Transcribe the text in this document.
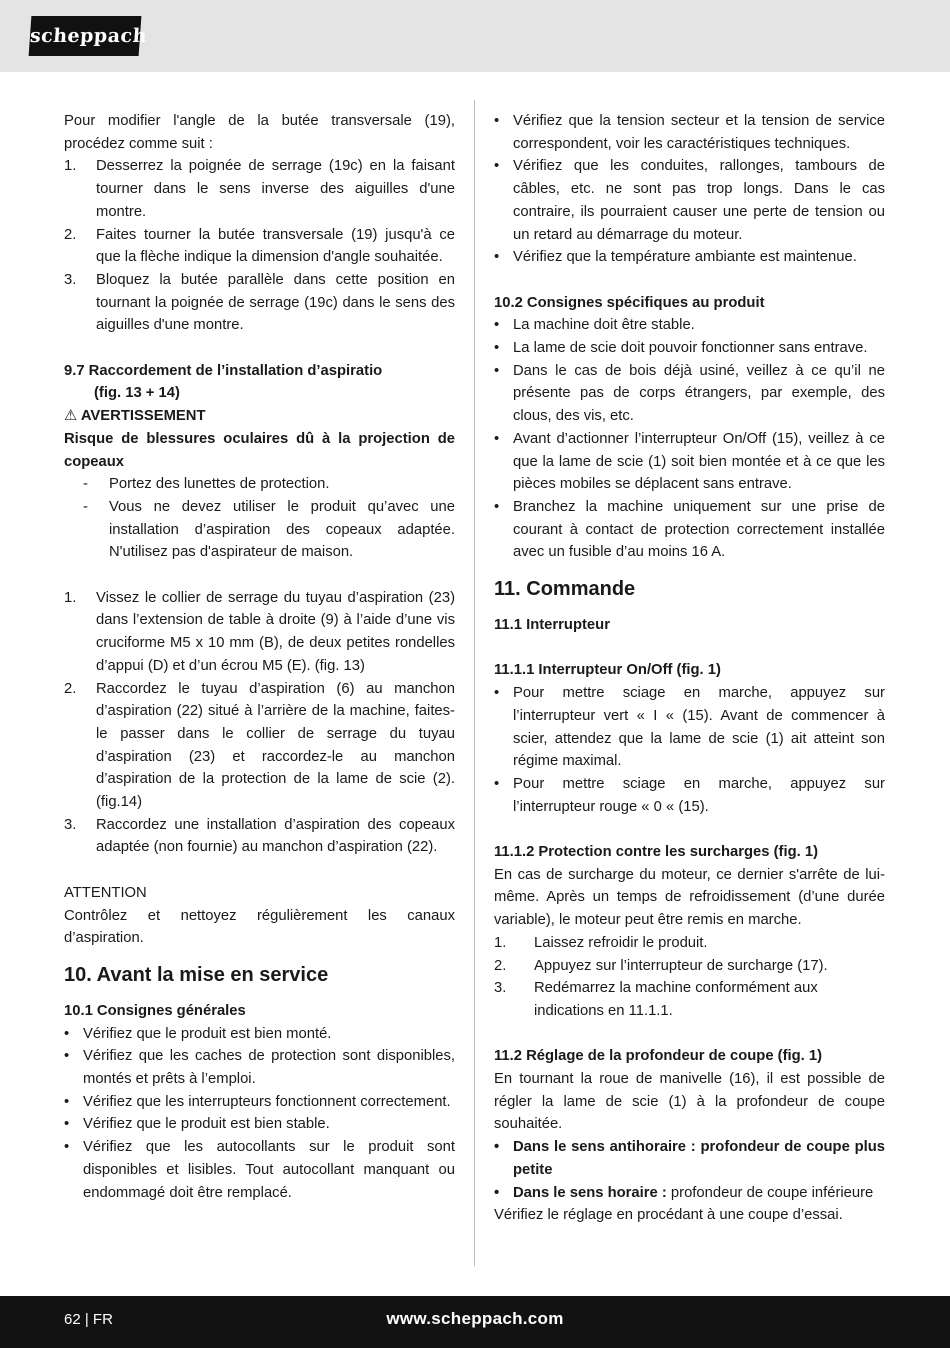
scheppach

Pour modifier l'angle de la butée transversale (19), procédez comme suit :

1. Desserrez la poignée de serrage (19c) en la faisant tourner dans le sens inverse des aiguilles d'une montre.
2. Faites tourner la butée transversale (19) jusqu'à ce que la flèche indique la dimension d'angle souhaitée.
3. Bloquez la butée parallèle dans cette position en tournant la poignée de serrage (19c) dans le sens des aiguilles d'une montre.

9.7 Raccordement de l’installation d’aspiratio

(fig. 13 + 14)

⚠ AVERTISSEMENT

Risque de blessures oculaires dû à la projection de copeaux

- Portez des lunettes de protection.
- Vous ne devez utiliser le produit qu’avec une installation d’aspiration des copeaux adaptée. N'utilisez pas d'aspirateur de maison.
1. Vissez le collier de serrage du tuyau d’aspiration (23) dans l’extension de table à droite (9) à l’aide d’une vis cruciforme M5 x 10 mm (B), de deux petites rondelles d’appui (D) et d’un écrou M5 (E). (fig. 13)
2. Raccordez le tuyau d’aspiration (6) au manchon d’aspiration (22) situé à l’arrière de la machine, faites-le passer dans le collier de serrage du tuyau d’aspiration (23) et raccordez-le au manchon d’aspiration de la protection de la lame de scie (2). (fig.14)
3. Raccordez une installation d’aspiration des copeaux adaptée (non fournie) au manchon d’aspiration (22).

ATTENTION

Contrôlez et nettoyez régulièrement les canaux d’aspiration.

10. Avant la mise en service

10.1 Consignes générales

• Vérifiez que le produit est bien monté.
• Vérifiez que les caches de protection sont disponibles, montés et prêts à l’emploi.
• Vérifiez que les interrupteurs fonctionnent correctement.
• Vérifiez que le produit est bien stable.
• Vérifiez que les autocollants sur le produit sont disponibles et lisibles. Tout autocollant manquant ou endommagé doit être remplacé.
• Vérifiez que la tension secteur et la tension de service correspondent, voir les caractéristiques techniques.
• Vérifiez que les conduites, rallonges, tambours de câbles, etc. ne sont pas trop longs. Dans le cas contraire, ils pourraient causer une perte de tension ou un retard au démarrage du moteur.
• Vérifiez que la température ambiante est maintenue.

10.2 Consignes spécifiques au produit

• La machine doit être stable.
• La lame de scie doit pouvoir fonctionner sans entrave.
• Dans le cas de bois déjà usiné, veillez à ce qu’il ne présente pas de corps étrangers, par exemple, des clous, des vis, etc.
• Avant d’actionner l’interrupteur On/Off (15), veillez à ce que la lame de scie (1) soit bien montée et à ce que les pièces mobiles se déplacent sans entrave.
• Branchez la machine uniquement sur une prise de courant à contact de protection correctement installée avec un fusible d’au moins 16 A.

11. Commande

11.1 Interrupteur

11.1.1 Interrupteur On/Off (fig. 1)

• Pour mettre sciage en marche, appuyez sur l’interrupteur vert « I « (15). Avant de commencer à scier, attendez que la lame de scie (1) ait atteint son régime maximal.
• Pour mettre sciage en marche, appuyez sur l’interrupteur rouge « 0 « (15).

11.1.2 Protection contre les surcharges (fig. 1)

En cas de surcharge du moteur, ce dernier s'arrête de lui-même. Après un temps de refroidissement (d’une durée variable), le moteur peut être remis en marche.

1. Laissez refroidir le produit.
2. Appuyez sur l’interrupteur de surcharge (17).
3. Redémarrez la machine conformément aux indications en 11.1.1.

11.2 Réglage de la profondeur de coupe (fig. 1)

En tournant la roue de manivelle (16), il est possible de régler la lame de scie (1) à la profondeur de coupe souhaitée.

• Dans le sens antihoraire : profondeur de coupe plus petite
• Dans le sens horaire : profondeur de coupe inférieure

Vérifiez le réglage en procédant à une coupe d’essai.

62 | FR	www.scheppach.com
